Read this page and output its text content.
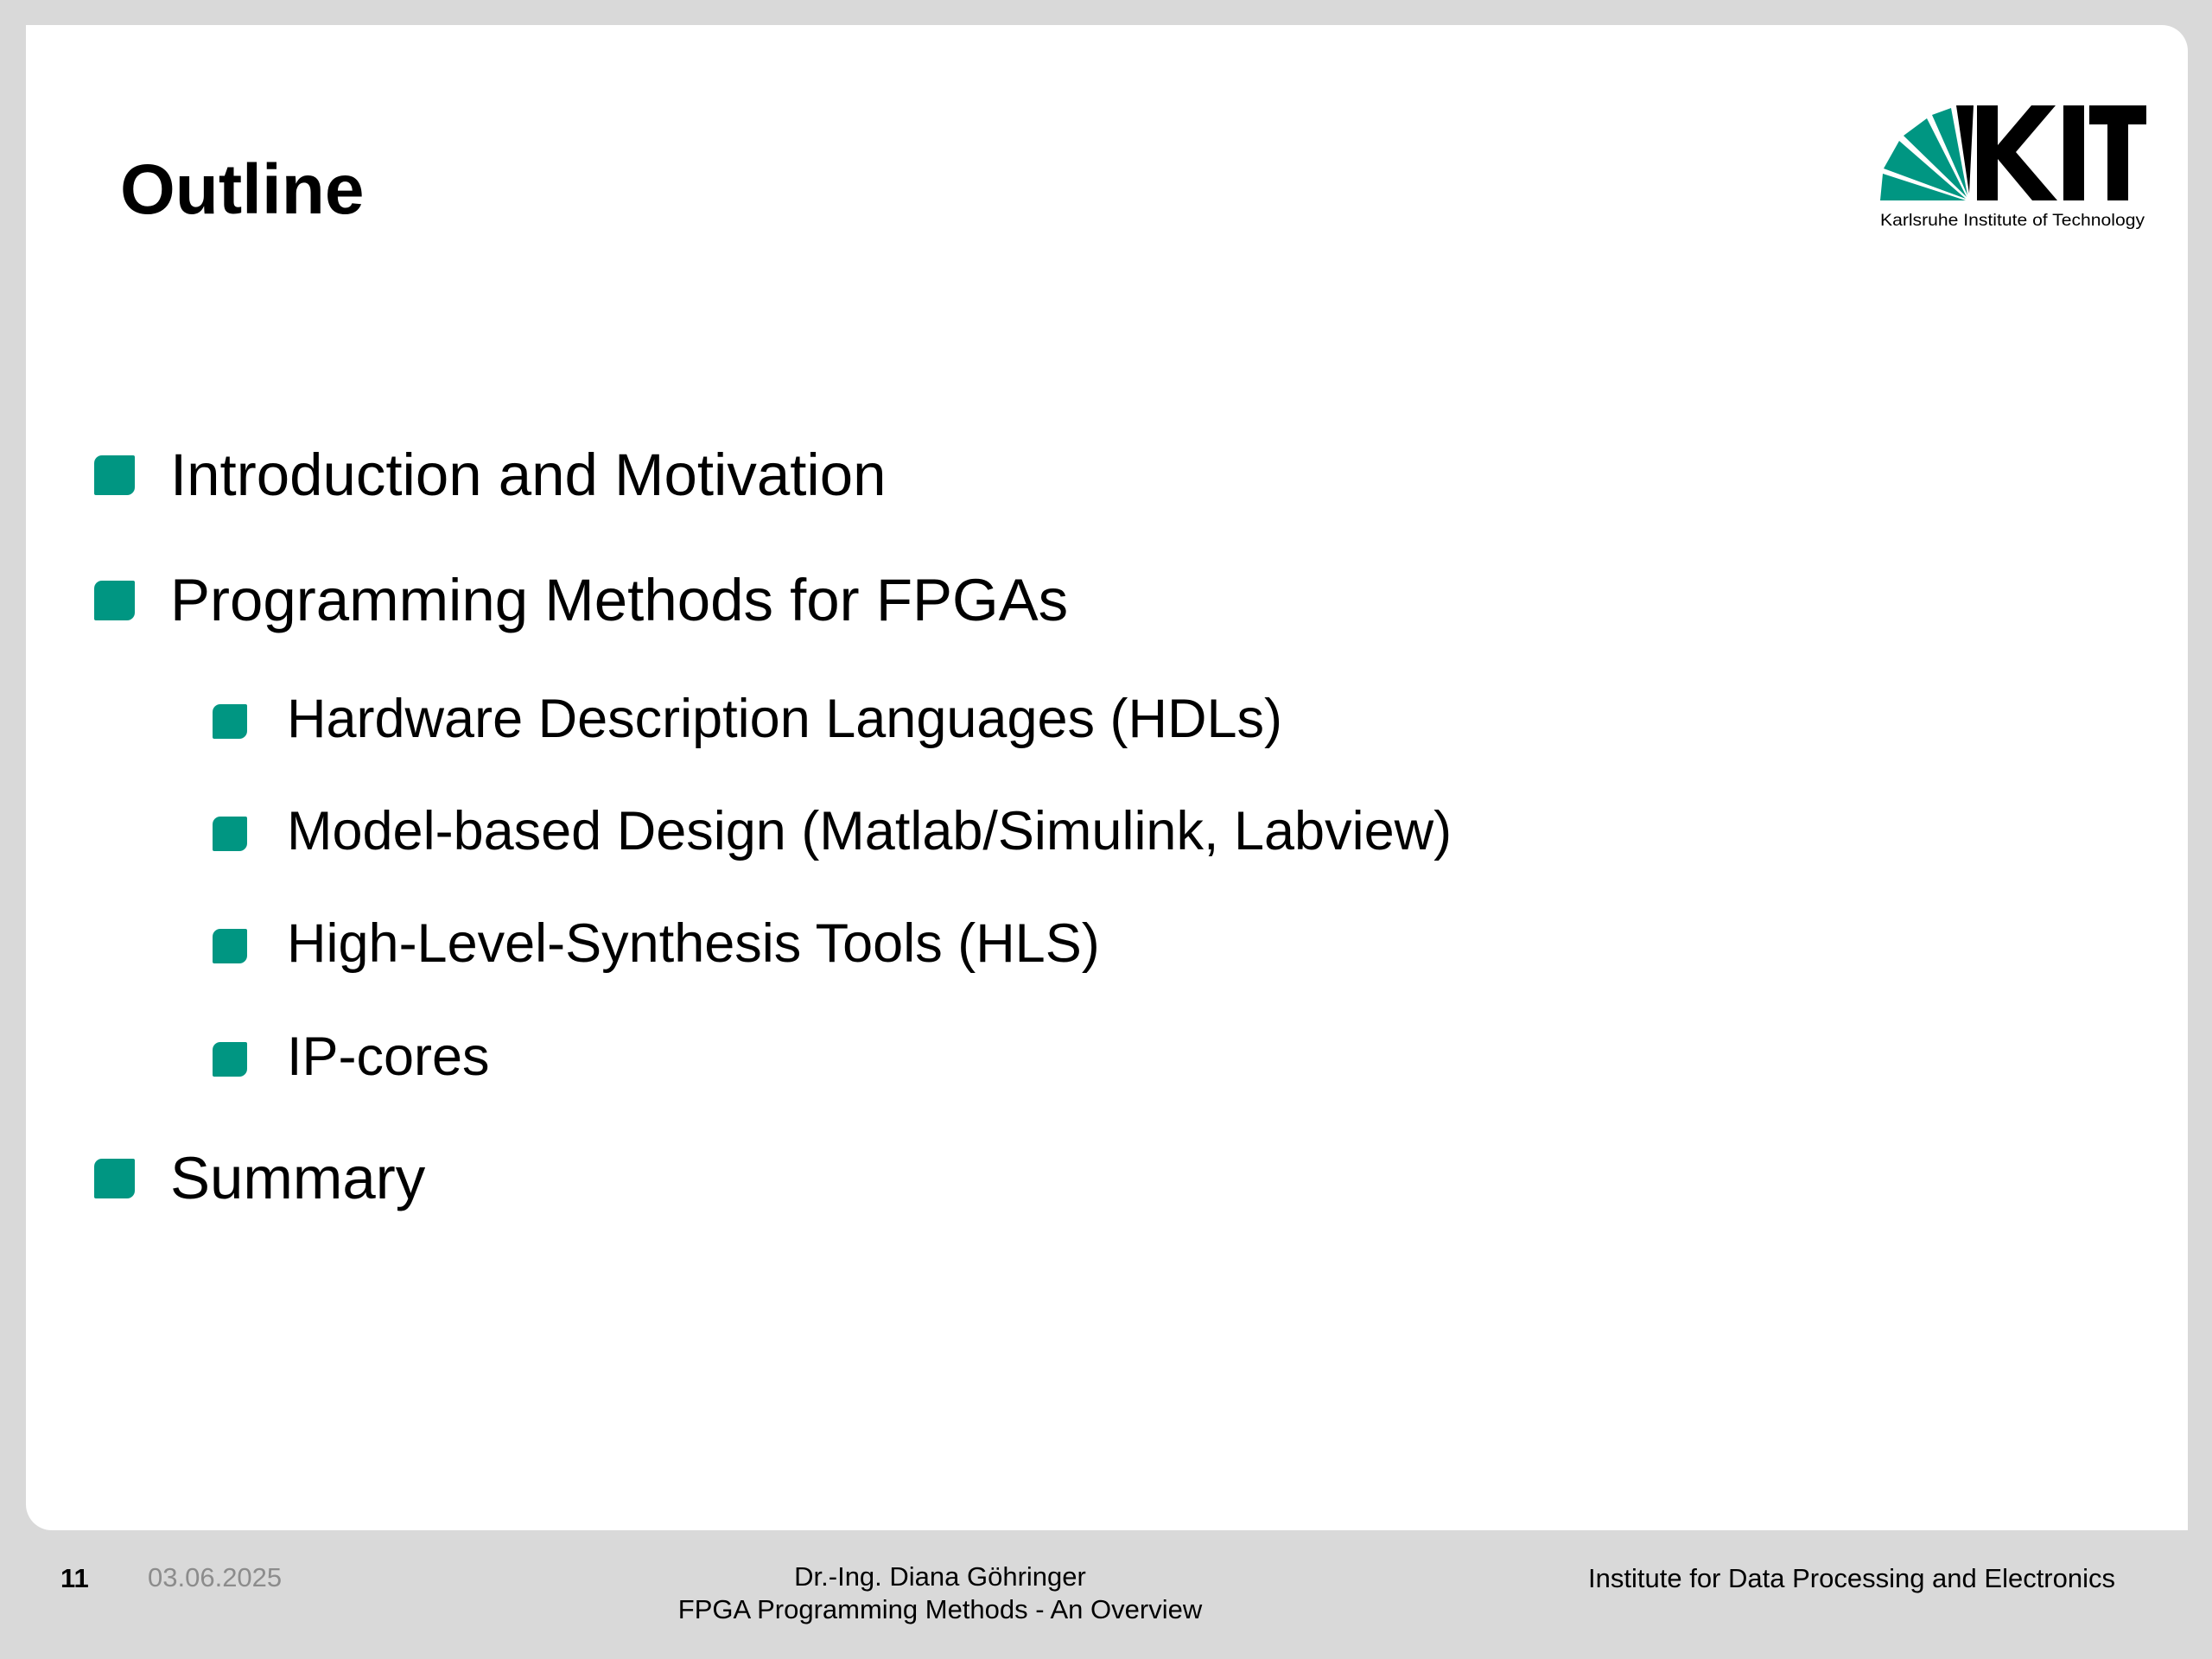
Outline	Karlsruhe Institute of Technology
Introduction and Motivation
Programming Methods for FPGAs
Hardware Description Languages (HDLs)
Model-based Design (Matlab/Simulink, Labview)
High-Level-Synthesis Tools (HLS)
IP-cores
Summary
11 03.06.2025	Dr.-Ing. Diana Göhringer
FPGA Programming Methods - An Overview
Institute for Data Processing and Electronics
